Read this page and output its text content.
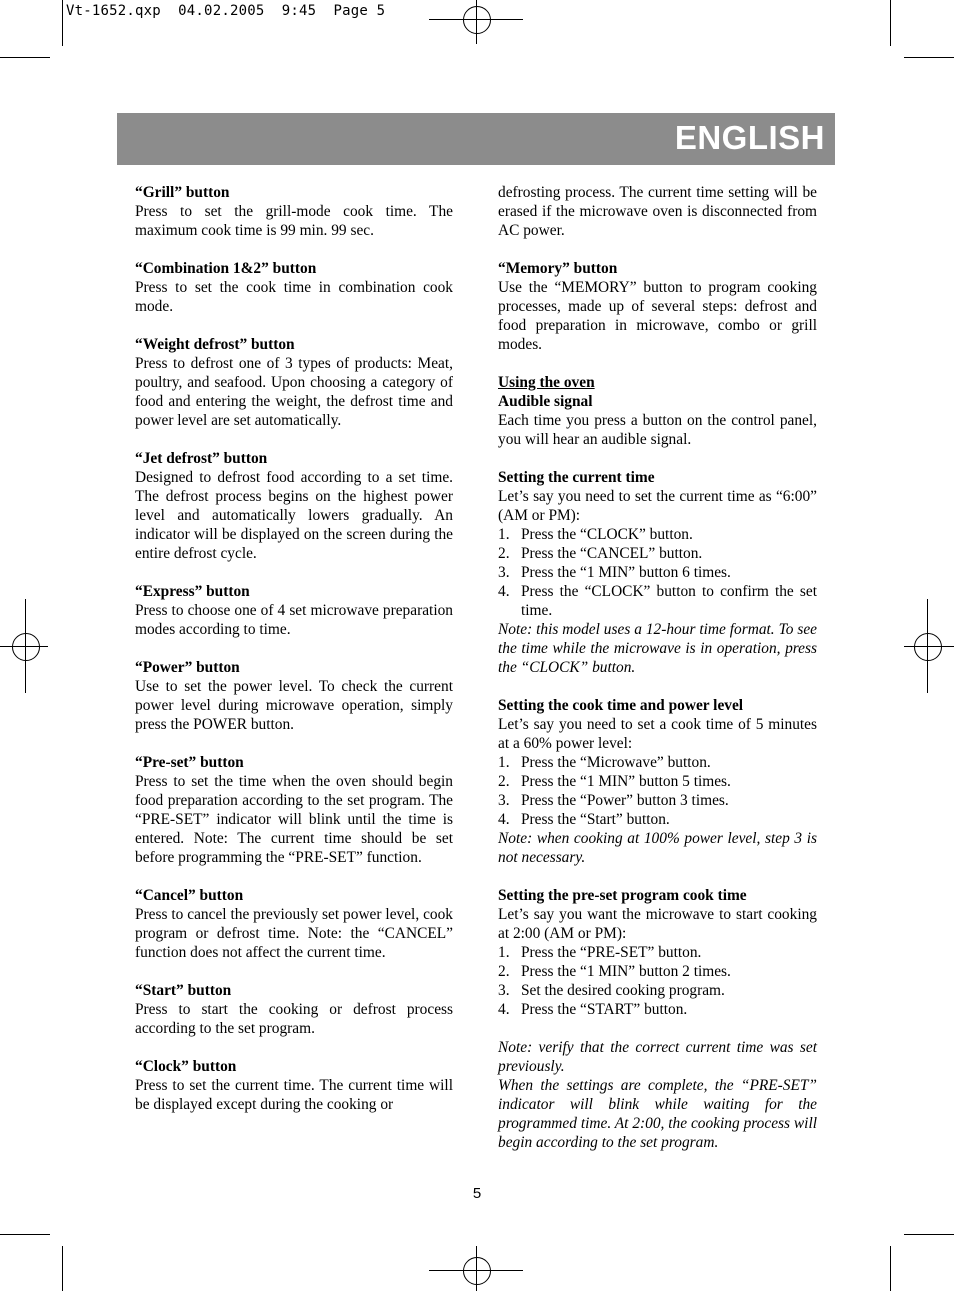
Vt-1652.qxp  04.02.2005  9:45  Page 5
ENGLISH
“Grill” button
Press to set the grill-mode cook time. The maximum cook time is 99 min. 99 sec.
“Combination 1&2” button
Press to set the cook time in combination cook mode.
“Weight defrost” button
Press to defrost one of 3 types of products: Meat, poultry, and seafood. Upon choosing a category of food and entering the weight, the defrost time and power level are set automatically.
“Jet defrost” button
Designed to defrost food according to a set time. The defrost process begins on the highest power level and automatically lowers gradually. An indicator will be displayed on the screen during the entire defrost cycle.
“Express” button
Press to choose one of 4 set microwave preparation modes according to time.
“Power” button
Use to set the power level. To check the current power level during microwave operation, simply press the POWER button.
“Pre-set” button
Press to set the time when the oven should begin food preparation according to the set program. The “PRE-SET” indicator will blink until the time is entered. Note: The current time should be set before programming the “PRE-SET” function.
“Cancel” button
Press to cancel the previously set power level, cook program or defrost time. Note: the “CANCEL” function does not affect the current time.
“Start” button
Press to start the cooking or defrost process according to the set program.
“Clock” button
Press to set the current time. The current time will be displayed except during the cooking or
defrosting process. The current time setting will be erased if the microwave oven is disconnected from AC power.
“Memory” button
Use the “MEMORY” button to program cooking processes, made up of several steps: defrost and food preparation in microwave, combo or grill modes.
Using the oven
Audible signal
Each time you press a button on the control panel, you will hear an audible signal.
Setting the current time
Let’s say you need to set the current time as “6:00” (AM or PM):
1. Press the “CLOCK” button.
2. Press the “CANCEL” button.
3. Press the “1 MIN” button 6 times.
4. Press the “CLOCK” button to confirm the set time.
Note: this model uses a 12-hour time format. To see the time while the microwave is in operation, press the “CLOCK” button.
Setting the cook time and power level
Let’s say you need to set a cook time of 5 minutes at a 60% power level:
1. Press the “Microwave” button.
2. Press the “1 MIN” button 5 times.
3. Press the “Power” button 3 times.
4. Press the “Start” button.
Note: when cooking at 100% power level, step 3 is not necessary.
Setting the pre-set program cook time
Let’s say you want the microwave to start cooking at 2:00 (AM or PM):
1. Press the “PRE-SET” button.
2. Press the “1 MIN” button 2 times.
3. Set the desired cooking program.
4. Press the “START” button.
Note: verify that the correct current time was set previously.
When the settings are complete, the “PRE-SET” indicator will blink while waiting for the programmed time. At 2:00, the cooking process will begin according to the set program.
5
